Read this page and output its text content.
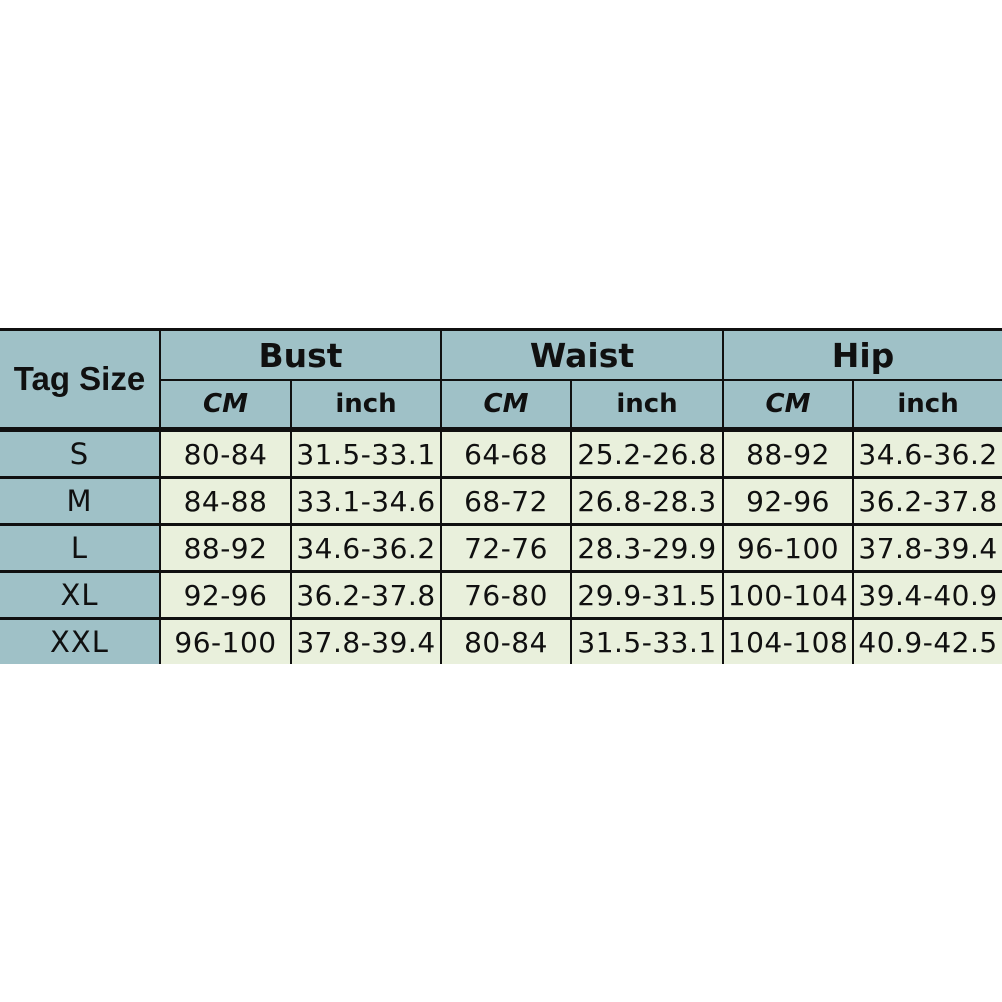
Tag Size	Bust		Waist		Hip	
	CM	inch	CM	inch	CM	inch
S	80-84	31.5-33.1	64-68	25.2-26.8	88-92	34.6-36.2
M	84-88	33.1-34.6	68-72	26.8-28.3	92-96	36.2-37.8
L	88-92	34.6-36.2	72-76	28.3-29.9	96-100	37.8-39.4
XL	92-96	36.2-37.8	76-80	29.9-31.5	100-104	39.4-40.9
XXL	96-100	37.8-39.4	80-84	31.5-33.1	104-108	40.9-42.5
